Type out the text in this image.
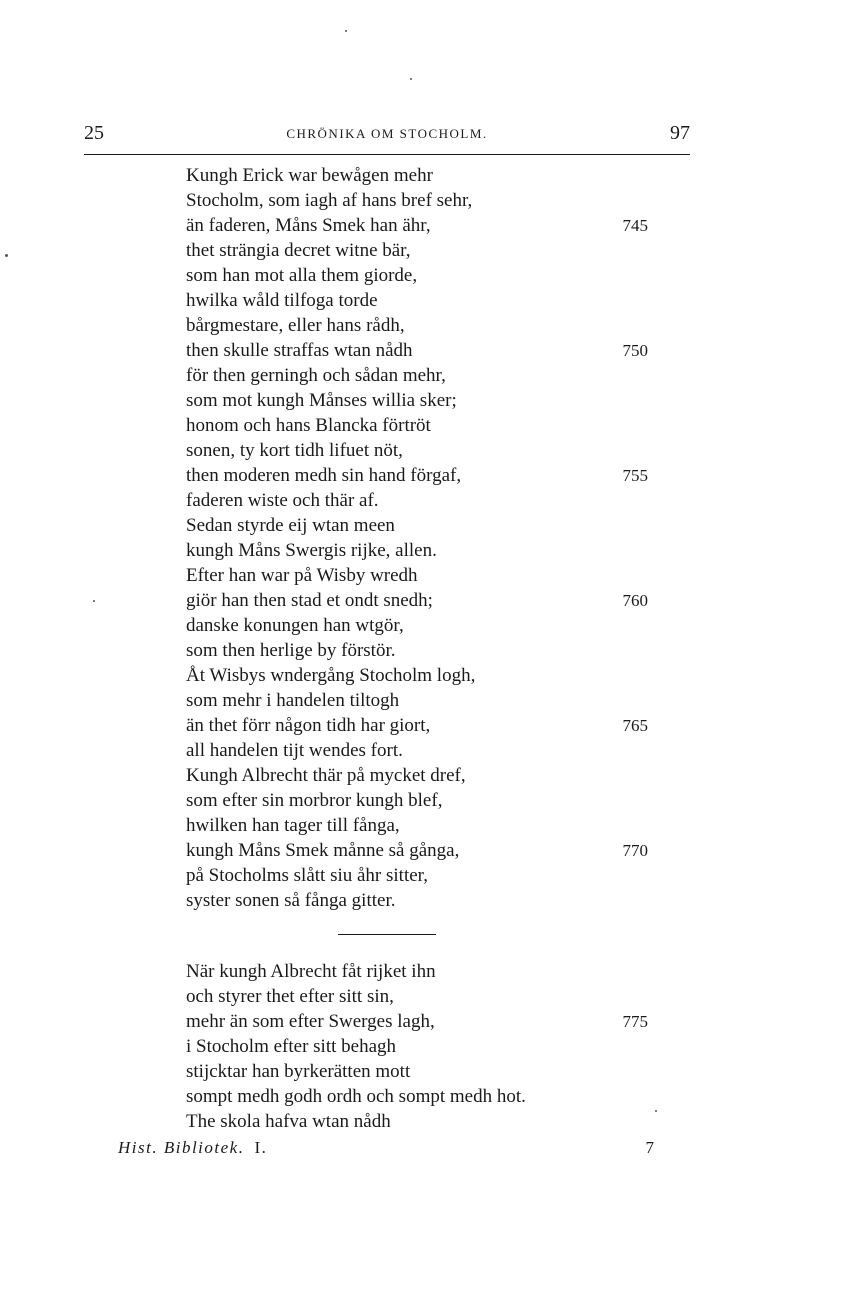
25	CHRÖNIKA OM STOCHOLM.	97
Kungh Erick war bewågen mehr
Stocholm, som iagh af hans bref sehr,
än faderen, Måns Smek han ähr,	745
thet strängia decret witne bär,
som han mot alla them giorde,
hwilka wåld tilfoga torde
bårgmestare, eller hans rådh,
then skulle straffas wtan nådh	750
för then gerningh och sådan mehr,
som mot kungh Månses willia sker;
honom och hans Blancka förtröt
sonen, ty kort tidh lifuet nöt,
then moderen medh sin hand förgaf,	755
faderen wiste och thär af.
Sedan styrde eij wtan meen
kungh Måns Swergis rijke, allen.
Efter han war på Wisby wredh
giör han then stad et ondt snedh;	760
danske konungen han wtgör,
som then herlige by förstör.
Åt Wisbys wndergång Stocholm logh,
som mehr i handelen tiltogh
än thet förr någon tidh har giort,	765
all handelen tijt wendes fort.
Kungh Albrecht thär på mycket dref,
som efter sin morbror kungh blef,
hwilken han tager till fånga,
kungh Måns Smek månne så gånga,	770
på Stocholms slått siu åhr sitter,
syster sonen så fånga gitter.
När kungh Albrecht fåt rijket ihn
och styrer thet efter sitt sin,
mehr än som efter Swerges lagh,	775
i Stocholm efter sitt behagh
stijcktar han byrkerätten mott
sompt medh godh ordh och sompt medh hot.
The skola hafva wtan nådh
Hist. Bibliotek. I.	7
